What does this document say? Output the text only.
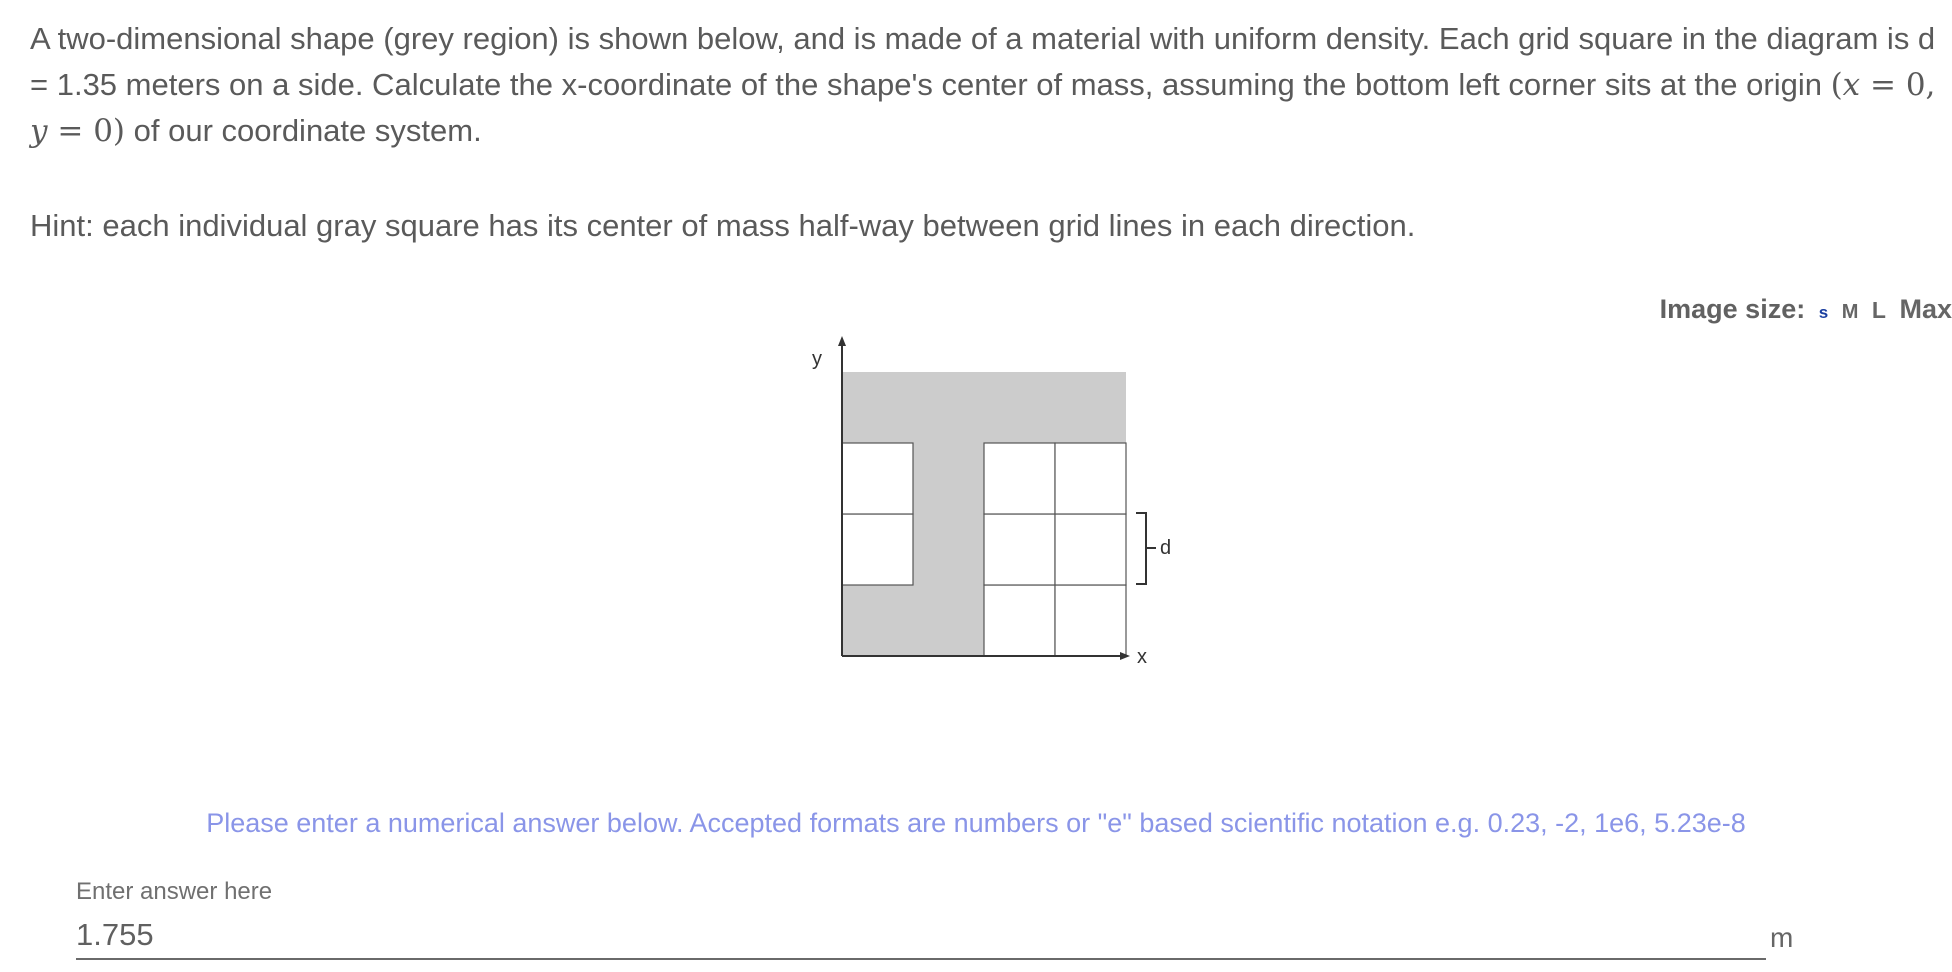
A two-dimensional shape (grey region) is shown below, and is made of a material with uniform density. Each grid square in the diagram is d = 1.35 meters on a side. Calculate the x-coordinate of the shape's center of mass, assuming the bottom left corner sits at the origin (x = 0, y = 0) of our coordinate system.

Hint: each individual gray square has its center of mass half-way between grid lines in each direction.
Image size: s M L Max
y
x
d
Please enter a numerical answer below. Accepted formats are numbers or "e" based scientific notation e.g. 0.23, -2, 1e6, 5.23e-8
Enter answer here
1.755
m
